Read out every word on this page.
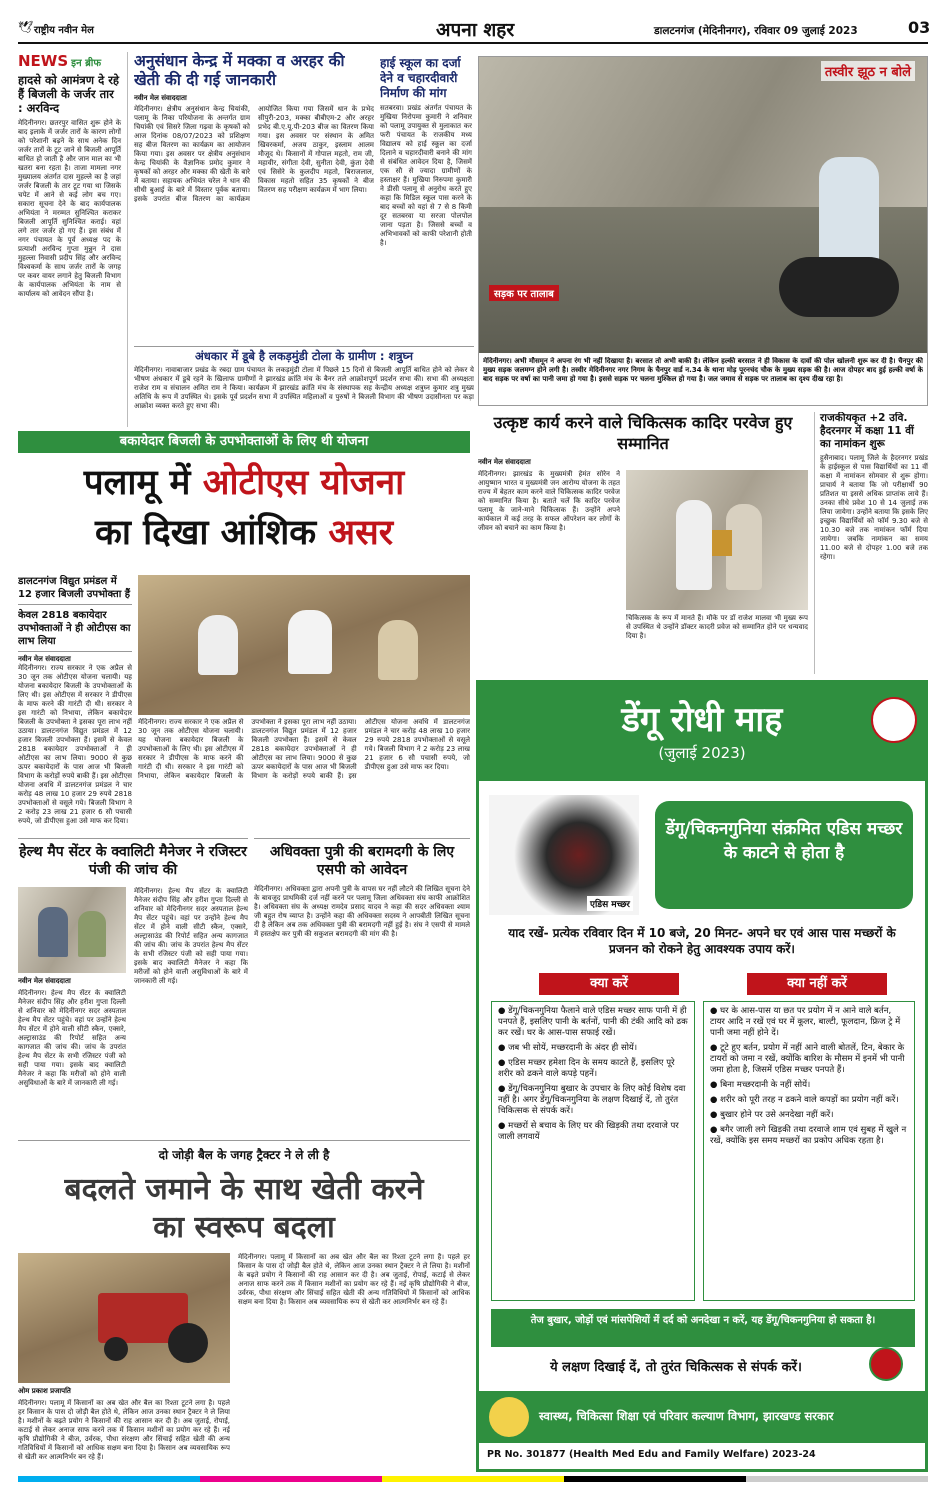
🕊 राष्ट्रीय नवीन मेल	अपना शहर	डालटनगंज (मेदिनीनगर), रविवार 09 जुलाई 2023	03
NEWS इन ब्रीफ
हादसे को आमंत्रण दे रहे हैं बिजली के जर्जर तार : अरविन्द
मेदिनीनगर। छतरपुर वासित शुरू होने के बाद इलाके में जर्जर तारों के कारण लोगों को परेशानी बढ़ने के साथ अनेक दिन जर्जर तारों के टूट जाने से बिजली आपूर्ति बाधित हो जाती है और जान माल का भी खतरा बना रहता है। ताजा मामला नगर मुख्यालय अंतर्गत दास मुहल्ले का है जहां जर्जर बिजली के तार टूट गया था जिसके चपेट में आने से कई लोग बच गए। सकारा सूचना देने के बाद कार्यपालक अभियंता ने मरम्मत सुनिश्चित कराकर बिजली आपूर्ति सुनिश्चित कराई। वहां लगे तार जर्जर हो गए हैं। इस संबंध में नगर पंचायत के पूर्व अध्यक्ष पद के प्रत्याशी अरविन्द गुप्ता मुन्नुन ने दास मुहल्ला निवासी प्रदीप सिंह और अरविन्द विश्वकर्मा के साथ जर्जर तारों के जगह पर कवर वायर लगाने हेतु बिजली विभाग के कार्यपालक अभियंता के नाम से कार्यालय को आवेदन सौंपा है।
अनुसंधान केन्द्र में मक्का व अरहर की खेती की दी गई जानकारी
नवीन मेल संवाददाता
मेदिनीनगर। क्षेत्रीय अनुसंधान केन्द्र चियांकी, पलामू के निका परियोजना के अन्तर्गत ग्राम चियांकी एवं सिसरे जिला गढ़वा के कृषकों को आज दिनांक 08/07/2023 को प्रशिक्षण सह बीज वितरण का कार्यक्रम का आयोजन किया गया। इस अवसर पर क्षेत्रीय अनुसंधान केन्द्र चियांकी के वैज्ञानिक प्रमोद कुमार ने कृषकों को अरहर और मक्का की खेती के बारे में बताया। सहायक अभियंत चरेल ने धान की सीधी बुआई के बारे में विस्तार पूर्वक बताया। इसके उपरांत बीज वितरण का कार्यक्रम आयोजित किया गया जिसमें धान के प्रभेद सीपुरी-203, मक्का बीबीएम-2 और अरहर प्रभेद बी.ए.यू.पी-203 बीज का वितरण किया गया। इस अवसर पर संस्थान के अमित खिवरकर्मा, अजय ठाकुर, इस्लाम आलम मौजूद थे। किसानों में गोपाल महतो, राम जी, महावीर, संगीता देवी, सुनीता देवी, कुंता देवी एवं सिसेरे के कुलदीप महतो, बिराजलाल, विकास महतो सहित 35 कृषकों ने बीज वितरण सह परीक्षण कार्यक्रम में भाग लिया।
हाई स्कूल का दर्जा देने व चहारदीवारी निर्माण की मांग
सतबरवा। प्रखंड अंतर्गत पंचायत के मुखिया निरोपमा कुमारी ने शनिवार को पलामू उपायुक्त से मुलाकात कर फरी पंचायत के राजकीय मध्य विद्यालय को हाई स्कूल का दर्जा दिलाने व चहारदीवारी बनाने की मांग से संबंधित आवेदन दिया है, जिसमें एक सौ से ज्यादा ग्रामीणों के हस्ताक्षर हैं। मुखिया निरुपमा कुमारी ने डीसी पलामू से अनुरोध करते हुए कहा कि मिडिल स्कूल पास करने के बाद बच्चों को यहां से 7 से 8 किमी दूर सतबरवा या सरजा पोलपोल जाना पड़ता है। जिससे बच्चों व अभिभावकों को काफी परेशानी होती है।
तस्वीर झूठ न बोले
सड़क पर तालाब
मेदिनीनगर। अभी मौसमून ने अपना रंग भी नहीं दिखाया है। बरसात तो अभी बाकी है। लेकिन हल्की बरसात ने ही विकास के दावों की पोल खोलनी शुरू कर दी है। चैनपुर की मुख्य सड़क जलमग्न होने लगी है। तस्वीर मेदिनीनगर नगर निगम के चैनपुर वार्ड न.34 के थाना मोड़ पूरनचंद चौक के मुख्य सड़क की है। आज दोपहर बाद हुई हल्की वर्षा के बाद सड़क पर वर्षा का पानी जमा हो गया है। इससे सड़क पर चलना मुश्किल हो गया है। जल जमाव से सड़क पर तालाब का दृश्य दीख रहा है।
अंधकार में डूबे है लकड़मुंडी टोला के ग्रामीण : शत्रुघ्न
मेदिनीनगर। नावाबाजार प्रखंड के रबदा ग्राम पंचायत के लकड़मुंडी टोला में पिछले 15 दिनों से बिजली आपूर्ति बाधित होने को लेकर ये भीषण अंधकार में डूबे रहने के खिलाफ ग्रामीणों ने झारखंड क्रांति मंच के बैनर तले आक्रोशपूर्ण प्रदर्शन सभा की। सभा की अध्यक्षता राजेश राम व संचालन अमित राम ने किया। कार्यक्रम में झारखंड क्रांति मंच के संस्थापक सह केन्द्रीय अध्यक्ष शत्रुघ्न कुमार शत्रु मुख्य अतिथि के रूप में उपस्थित थे। इसके पूर्व प्रदर्शन सभा में उपस्थित महिलाओं व पुरुषों ने बिजली विभाग की भीषण उदासीनता पर कड़ा आक्रोश व्यक्त करते हुए सभा की।
बकायेदार बिजली के उपभोक्ताओं के लिए थी योजना
पलामू में ओटीएस योजना
का दिखा आंशिक असर
डालटनगंज विद्युत प्रमंडल में 12 हजार बिजली उपभोक्ता हैं
केवल 2818 बकायेदार उपभोक्ताओं ने ही ओटीएस का लाभ लिया
नवीन मेल संवाददाता
मेदिनीनगर। राज्य सरकार ने एक अप्रैल से 30 जून तक ओटीएस योजना चलायी। यह योजना बकायेदार बिजली के उपभोक्ताओं के लिए थी। इस ओटीएस में सरकार ने डीपीएस के माफ करने की गारंटी दी थी। सरकार ने इस गारंटी को निभाया, लेकिन बकायेदार बिजली के उपभोक्ता ने इसका पूरा लाभ नहीं उठाया। डालटनगंज विद्युत प्रमंडल में 12 हजार बिजली उपभोक्ता हैं। इसमें से केवल 2818 बकायेदार उपभोक्ताओं ने ही ओटीएस का लाभ लिया। 9000 से कुछ ऊपर बकायेदारों के पास आज भी बिजली विभाग के करोड़ों रुपये बाकी हैं। इस ओटीएस योजना अवधि में डालटनगंज प्रमंडल ने चार करोड़ 48 लाख 10 हजार 29 रुपये 2818 उपभोक्ताओं से वसूले गये। बिजली विभाग ने 2 करोड़ 23 लाख 21 हजार 6 सौ पचासी रुपये, जो डीपीएस हुआ उसे माफ कर दिया।
मेदिनीनगर। राज्य सरकार ने एक अप्रैल से 30 जून तक ओटीएस योजना चलायी। यह योजना बकायेदार बिजली के उपभोक्ताओं के लिए थी। इस ओटीएस में सरकार ने डीपीएस के माफ करने की गारंटी दी थी। सरकार ने इस गारंटी को निभाया, लेकिन बकायेदार बिजली के उपभोक्ता ने इसका पूरा लाभ नहीं उठाया। डालटनगंज विद्युत प्रमंडल में 12 हजार बिजली उपभोक्ता हैं। इसमें से केवल 2818 बकायेदार उपभोक्ताओं ने ही ओटीएस का लाभ लिया। 9000 से कुछ ऊपर बकायेदारों के पास आज भी बिजली विभाग के करोड़ों रुपये बाकी हैं। इस ओटीएस योजना अवधि में डालटनगंज प्रमंडल ने चार करोड़ 48 लाख 10 हजार 29 रुपये 2818 उपभोक्ताओं से वसूले गये। बिजली विभाग ने 2 करोड़ 23 लाख 21 हजार 6 सौ पचासी रुपये, जो डीपीएस हुआ उसे माफ कर दिया।
उत्कृष्ट कार्य करने वाले चिकित्सक कादिर परवेज हुए सम्मानित
नवीन मेल संवाददाता
मेदिनीनगर। झारखंड के मुख्यमंत्री हेमंत सोरेन ने आयुष्मान भारत व मुख्यमंत्री जन आरोग्य योजना के तहत राज्य में बेहतर काम करने वाले चिकित्सक कादिर परवेज को सम्मानित किया है। बताते चलें कि कादिर परवेज पलामू के जाने-माने चिकित्सक हैं। उन्होंने अपने कार्यकाल में कई तरह के सफल ऑपरेशन कर लोगों के जीवन को बचाने का काम किया है।
चिकित्सक के रूप में मानते हैं। मौके पर डॉ राजेश मालवा भी मुख्य रूप से उपस्थित थे उन्होंने डॉक्टर कादरी प्रवेज को सम्मानित होने पर धन्यवाद दिया है।
राजकीयकृत +2 उवि. हैदरनगर में कक्षा 11 वीं का नामांकन शुरू
हुसैनाबाद। पलामू जिले के हैदरनगर प्रखंड के हाईस्कूल से पास विद्यार्थियों का 11 वीं कक्षा में नामांकन सोमवार से शुरू होगा। प्राचार्य ने बताया कि जो परीक्षार्थी 90 प्रतिशत या इससे अधिक प्राप्तांक लाये हैं। उनका सीधे प्रवेश 10 से 14 जुलाई तक लिया जायेगा। उन्होंने बताया कि इसके लिए इच्छुक विद्यार्थियों को फॉर्म 9.30 बजे से 10.30 बजे तक नामांकन फॉर्म दिया जायेगा। जबकि नामांकन का समय 11.00 बजे से दोपहर 1.00 बजे तक रहेगा।
हेल्थ मैप सेंटर के क्वालिटी मैनेजर ने रजिस्टर पंजी की जांच की
नवीन मेल संवाददाता
मेदिनीनगर। हेल्थ मैप सेंटर के क्वालिटी मैनेजर संदीप सिंह और हरीश गुप्ता दिल्ली से शनिवार को मेदिनीनगर सदर अस्पताल हेल्थ मैप सेंटर पहुंचे। वहां पर उन्होंने हेल्थ मैप सेंटर में होने वाली सीटी स्कैन, एक्सरे, अल्ट्रासाउंड की रिपोर्ट सहित अन्य कागजात की जांच की। जांच के उपरांत हेल्थ मैप सेंटर के सभी रजिस्टर पंजी को सही पाया गया। इसके बाद क्वालिटी मैनेजर ने कहा कि मरीजों को होने वाली असुविधाओं के बारे में जानकारी ली गई।
मेदिनीनगर। हेल्थ मैप सेंटर के क्वालिटी मैनेजर संदीप सिंह और हरीश गुप्ता दिल्ली से शनिवार को मेदिनीनगर सदर अस्पताल हेल्थ मैप सेंटर पहुंचे। वहां पर उन्होंने हेल्थ मैप सेंटर में होने वाली सीटी स्कैन, एक्सरे, अल्ट्रासाउंड की रिपोर्ट सहित अन्य कागजात की जांच की। जांच के उपरांत हेल्थ मैप सेंटर के सभी रजिस्टर पंजी को सही पाया गया। इसके बाद क्वालिटी मैनेजर ने कहा कि मरीजों को होने वाली असुविधाओं के बारे में जानकारी ली गई।
अधिवक्ता पुत्री की बरामदगी के लिए एसपी को आवेदन
मेदिनीनगर। अधिवक्ता द्वारा अपनी पुत्री के वापस घर नहीं लौटने की लिखित सूचना देने के बावजूद प्राथमिकी दर्ज नहीं करने पर पलामू जिला अधिवक्ता संघ काफी आक्रोशित है। अधिवक्ता संघ के अध्यक्ष रामदेव प्रसाद यादव ने कहा की सदर अधिवक्ता श्याम जी बहुत रोष व्याप्त है। उन्होंने कहा की अधिवक्ता सदस्य ने आपबीती लिखित सूचना दी है लेकिन अब तक अधिवक्ता पुत्री की बरामदगी नहीं हुई है। संघ ने एसपी से मामले में हस्तक्षेप कर पुत्री की सकुशल बरामदगी की मांग की है।
दो जोड़ी बैल के जगह ट्रैक्टर ने ले ली है
बदलते जमाने के साथ खेती करने का स्वरूप बदला
ओम प्रकाश प्रजापति
मेदिनीनगर। पलामू में किसानों का अब खेत और बैल का रिश्ता टूटने लगा है। पहले हर किसान के पास दो जोड़ी बैल होते थे, लेकिन आज उनका स्थान ट्रैक्टर ने ले लिया है। मशीनों के बढ़ते प्रयोग ने किसानों की राह आसान कर दी है। अब जुताई, रोपाई, कटाई से लेकर अनाज साफ करने तक में किसान मशीनों का प्रयोग कर रहे हैं। नई कृषि प्रौद्योगिकी ने बीज, उर्वरक, पौधा संरक्षण और सिंचाई सहित खेती की अन्य गतिविधियों में किसानों को आधिक सक्षम बना दिया है। किसान अब व्यवसायिक रूप से खेती कर आत्मनिर्भर बन रहे हैं।
मेदिनीनगर। पलामू में किसानों का अब खेत और बैल का रिश्ता टूटने लगा है। पहले हर किसान के पास दो जोड़ी बैल होते थे, लेकिन आज उनका स्थान ट्रैक्टर ने ले लिया है। मशीनों के बढ़ते प्रयोग ने किसानों की राह आसान कर दी है। अब जुताई, रोपाई, कटाई से लेकर अनाज साफ करने तक में किसान मशीनों का प्रयोग कर रहे हैं। नई कृषि प्रौद्योगिकी ने बीज, उर्वरक, पौधा संरक्षण और सिंचाई सहित खेती की अन्य गतिविधियों में किसानों को आधिक सक्षम बना दिया है। किसान अब व्यवसायिक रूप से खेती कर आत्मनिर्भर बन रहे हैं।
डेंगू रोधी माह
(जुलाई 2023)
एडिस मच्छर
डेंगू/चिकनगुनिया संक्रमित एडिस मच्छर के काटने से होता है
याद रखें- प्रत्येक रविवार दिन में 10 बजे, 20 मिनट- अपने घर एवं आस पास मच्छरों के प्रजनन को रोकने हेतु आवश्यक उपाय करें।
क्या करें	क्या नहीं करें
● डेंगू/चिकनगुनिया फैलाने वाले एडिस मच्छर साफ पानी में ही पनपते हैं, इसलिए पानी के बर्तनों, पानी की टंकी आदि को ढक कर रखें। घर के आस-पास सफाई रखें।
● जब भी सोयें, मच्छरदानी के अंदर ही सोयें।
● एडिस मच्छर हमेशा दिन के समय काटते हैं, इसलिए पूरे शरीर को ढकने वाले कपड़े पहनें।
● डेंगू/चिकनगुनिया बुखार के उपचार के लिए कोई विशेष दवा नहीं है। अगर डेंगू/चिकनगुनिया के लक्षण दिखाई दें, तो तुरंत चिकित्सक से संपर्क करें।
● मच्छरों से बचाव के लिए घर की खिड़की तथा दरवाजे पर जाली लगवायें
● घर के आस-पास या छत पर प्रयोग में न आने वाले बर्तन, टायर आदि न रखें एवं घर में कूलर, बाल्टी, फूलदान, फ्रिज ट्रे में पानी जमा नहीं होने दें।
● टूटे हुए बर्तन, प्रयोग में नहीं आने वाली बोतलें, टिन, बेकार के टायरों को जमा न रखें, क्योंकि बारिश के मौसम में इनमें भी पानी जमा होता है, जिसमें एडिस मच्छर पनपते हैं।
● बिना मच्छरदानी के नहीं सोयें।
● शरीर को पूरी तरह न ढकने वाले कपड़ों का प्रयोग नहीं करें।
● बुखार होने पर उसे अनदेखा नहीं करें।
● बगैर जाली लगे खिड़की तथा दरवाजे शाम एवं सुबह में खुले न रखें, क्योंकि इस समय मच्छरों का प्रकोप अधिक रहता है।
तेज बुखार, जोड़ों एवं मांसपेशियों में दर्द को अनदेखा न करें, यह डेंगू/चिकनगुनिया हो सकता है।
ये लक्षण दिखाई दें, तो तुरंत चिकित्सक से संपर्क करें।
स्वास्थ्य, चिकित्सा शिक्षा एवं परिवार कल्याण विभाग, झारखण्ड सरकार
PR No. 301877 (Health Med Edu and Family Welfare) 2023-24
